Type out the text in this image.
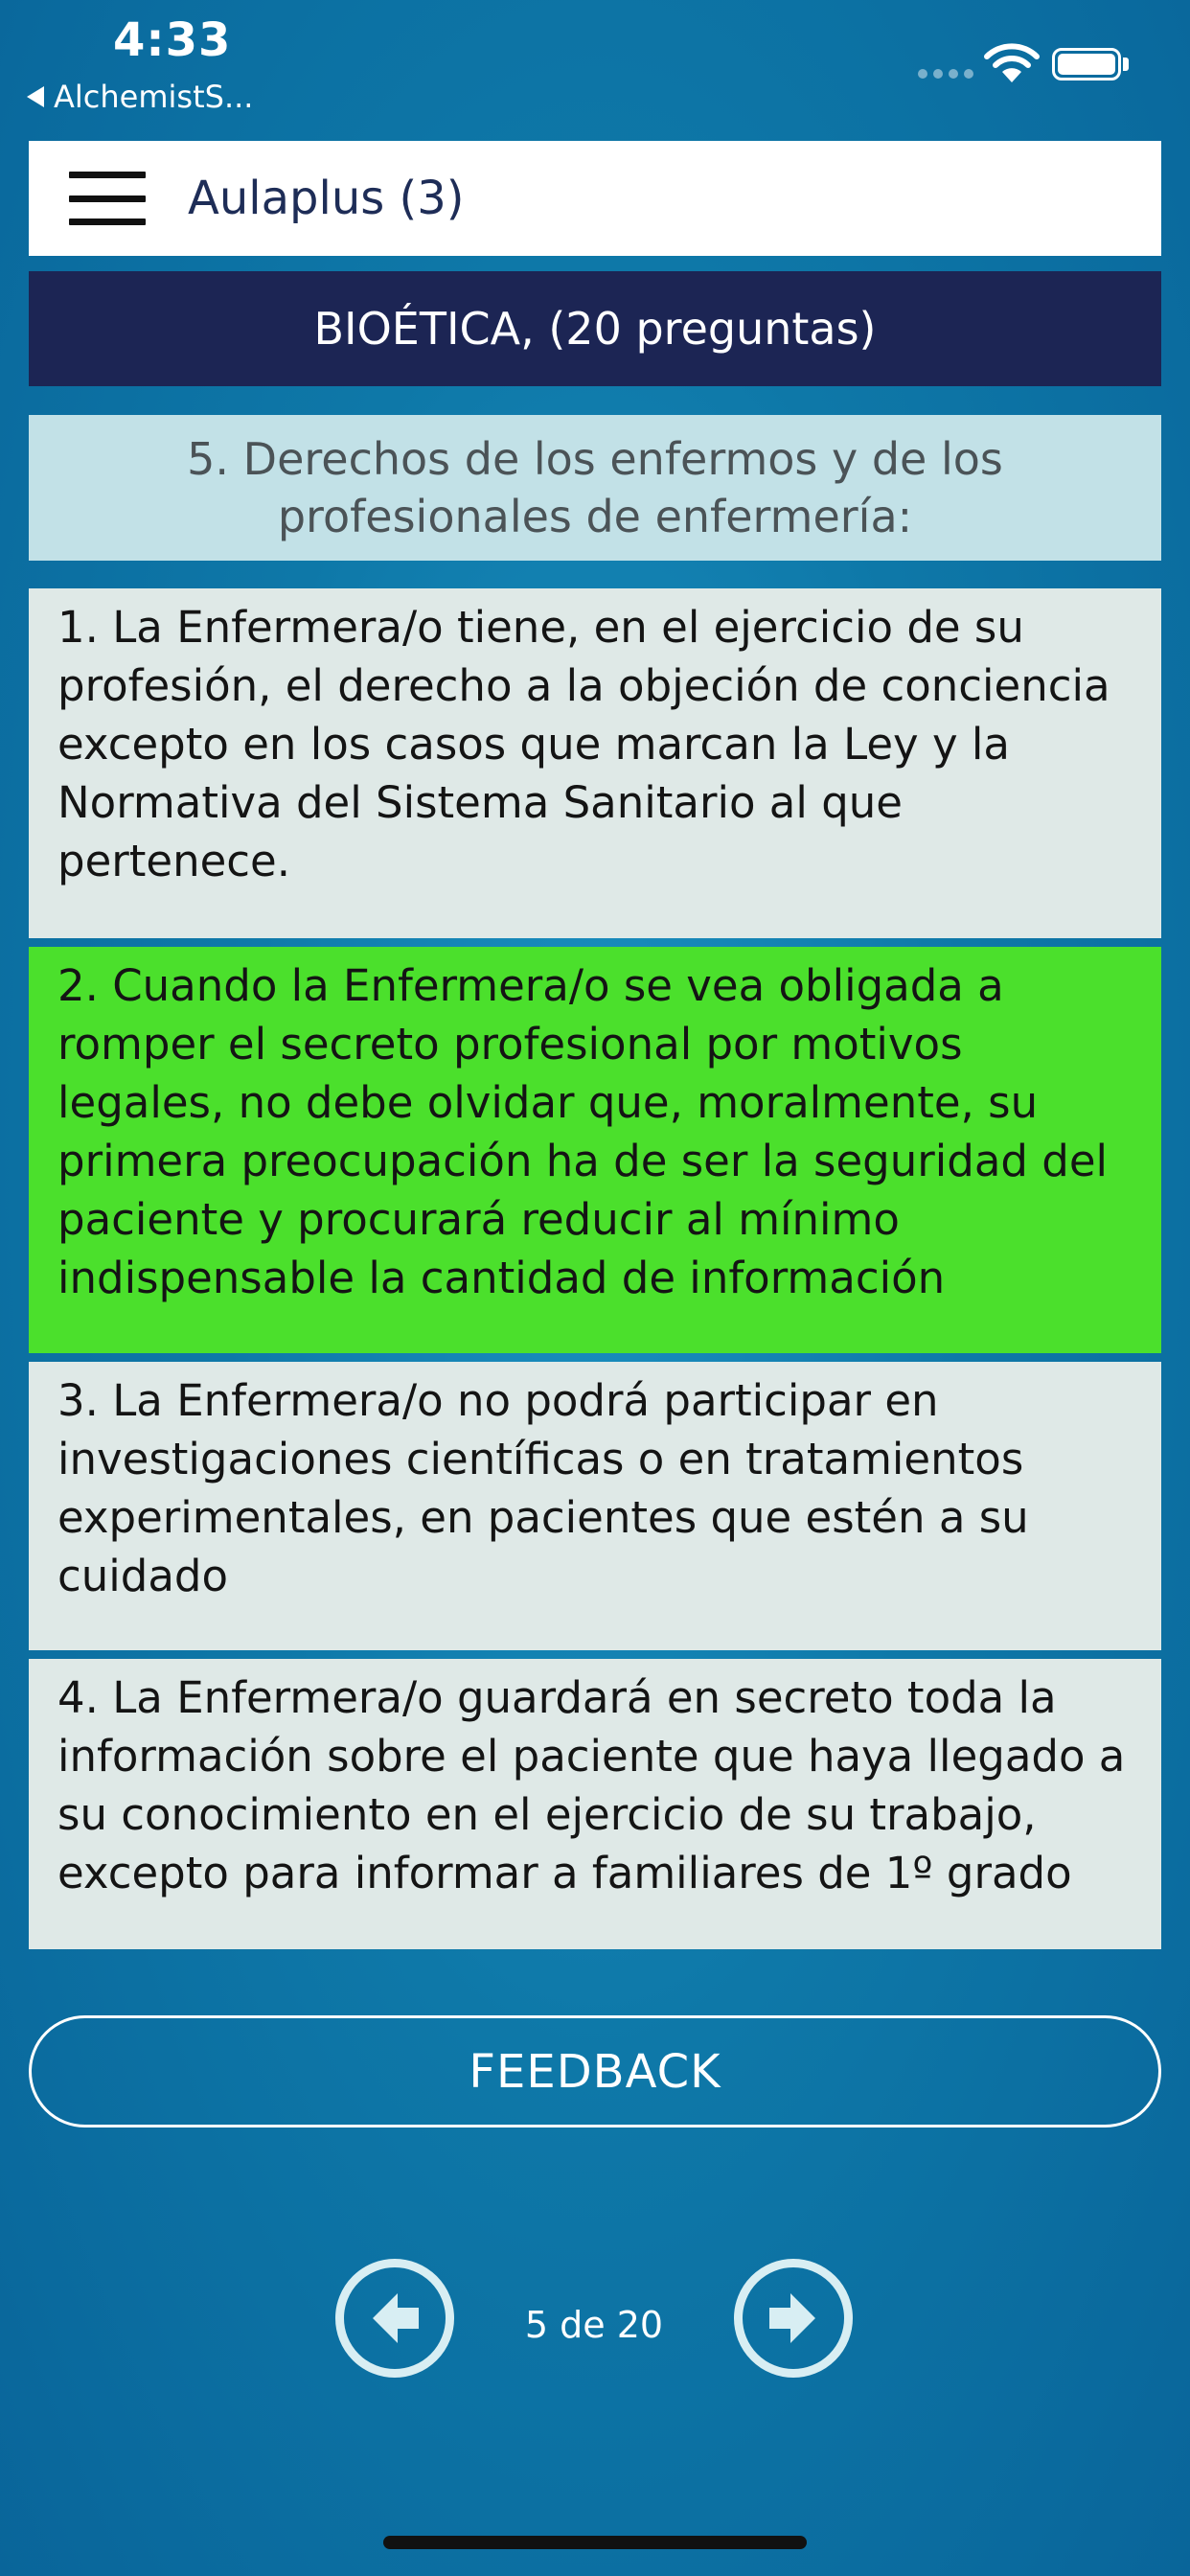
4:33
AlchemistS...
Aulaplus (3)
BIOÉTICA, (20 preguntas)
5. Derechos de los enfermos y de los profesionales de enfermería:
1. La Enfermera/o tiene, en el ejercicio de su profesión, el derecho a la objeción de conciencia excepto en los casos que marcan la Ley y la Normativa del Sistema Sanitario al que pertenece.
2. Cuando la Enfermera/o se vea obligada a romper el secreto profesional por motivos legales, no debe olvidar que, moralmente, su primera preocupación ha de ser la seguridad del paciente y procurará reducir al mínimo indispensable la cantidad de información
3. La Enfermera/o no podrá participar en investigaciones científicas o en tratamientos experimentales, en pacientes que estén a su cuidado
4. La Enfermera/o guardará en secreto toda la información sobre el paciente que haya llegado a su conocimiento en el ejercicio de su trabajo, excepto para informar a familiares de 1º grado
FEEDBACK
5 de 20
